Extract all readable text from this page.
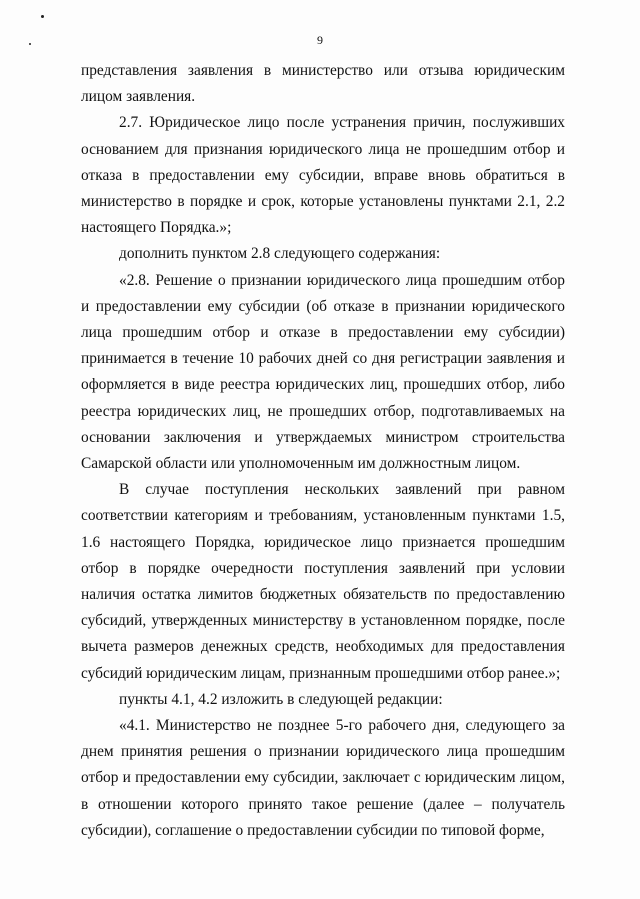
9

представления заявления в министерство или отзыва юридическим лицом заявления.

2.7. Юридическое лицо после устранения причин, послуживших основанием для признания юридического лица не прошедшим отбор и отказа в предоставлении ему субсидии, вправе вновь обратиться в министерство в порядке и срок, которые установлены пунктами 2.1, 2.2 настоящего Порядка.»;

дополнить пунктом 2.8 следующего содержания:

«2.8. Решение о признании юридического лица прошедшим отбор и предоставлении ему субсидии (об отказе в признании юридического лица прошедшим отбор и отказе в предоставлении ему субсидии) принимается в течение 10 рабочих дней со дня регистрации заявления и оформляется в виде реестра юридических лиц, прошедших отбор, либо реестра юридических лиц, не прошедших отбор, подготавливаемых на основании заключения и утверждаемых министром строительства Самарской области или уполномоченным им должностным лицом.

В случае поступления нескольких заявлений при равном соответствии категориям и требованиям, установленным пунктами 1.5, 1.6 настоящего Порядка, юридическое лицо признается прошедшим отбор в порядке очередности поступления заявлений при условии наличия остатка лимитов бюджетных обязательств по предоставлению субсидий, утвержденных министерству в установленном порядке, после вычета размеров денежных средств, необходимых для предоставления субсидий юридическим лицам, признанным прошедшими отбор ранее.»;

пункты 4.1, 4.2 изложить в следующей редакции:

«4.1. Министерство не позднее 5-го рабочего дня, следующего за днем принятия решения о признании юридического лица прошедшим отбор и предоставлении ему субсидии, заключает с юридическим лицом, в отношении которого принято такое решение (далее – получатель субсидии), соглашение о предоставлении субсидии по типовой форме,
